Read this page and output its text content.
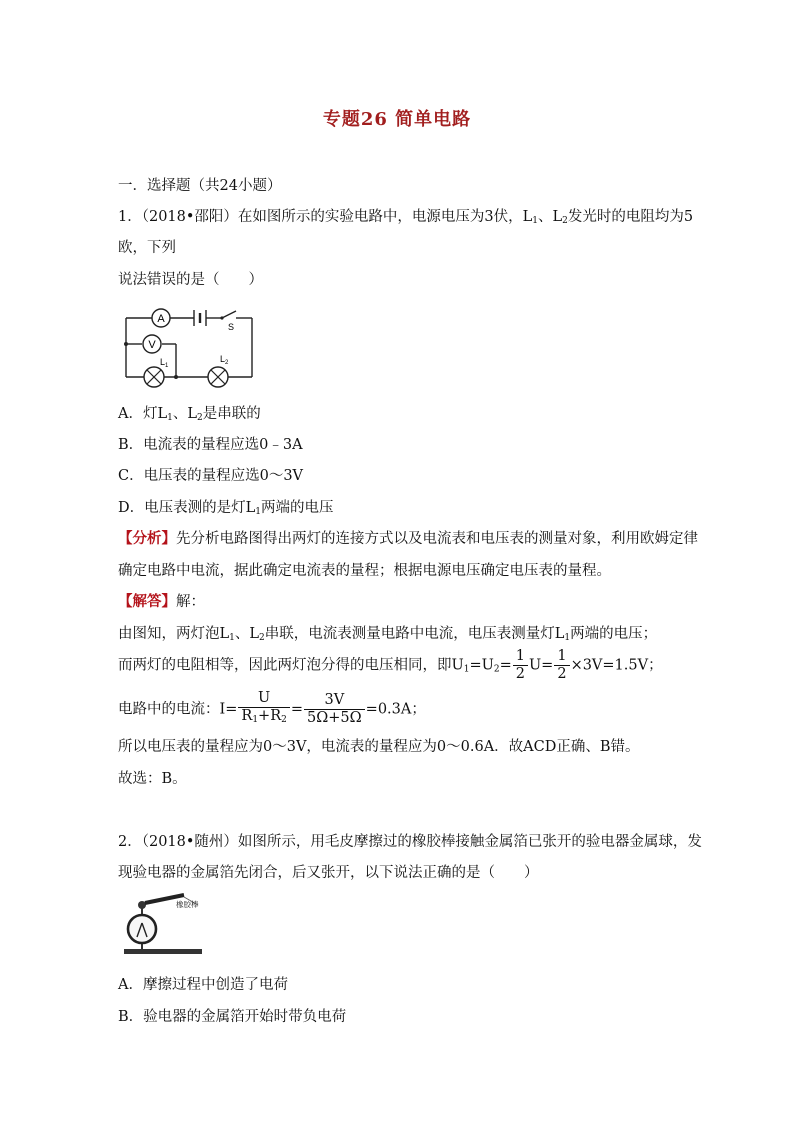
专题26 简单电路
一．选择题（共24小题）
1．（2018•邵阳）在如图所示的实验电路中，电源电压为3伏，$L_1$、$L_2$发光时的电阻均为5
欧，下列
说法错误的是（　　）
A
V
S
$L_1$
$L_2$
A．灯$L_1$、$L_2$是串联的
B．电流表的量程应选0﹣3A
C．电压表的量程应选0～3V
D．电压表测的是灯$L_1$两端的电压
【分析】先分析电路图得出两灯的连接方式以及电流表和电压表的测量对象，利用欧姆定律
确定电路中电流，据此确定电流表的量程；根据电源电压确定电压表的量程。
【解答】解：
由图知，两灯泡$L_1$、$L_2$串联，电流表测量电路中电流，电压表测量灯$L_1$两端的电压；
而两灯的电阻相等，因此两灯泡分得的电压相同，即$U_1=U_2= \frac{1}{2} U= \frac{1}{2} \times 3V=1.5V$；
电路中的电流：$I= \frac{U}{R_1+R_2} = \frac{3V}{5\Omega+5\Omega} =0.3A$；
所以电压表的量程应为0～3V，电流表的量程应为0～0.6A．故ACD正确、B错。
故选：B。
2．（2018•随州）如图所示，用毛皮摩擦过的橡胶棒接触金属箔已张开的验电器金属球，发
现验电器的金属箔先闭合，后又张开，以下说法正确的是（　　）
橡胶棒
A．摩擦过程中创造了电荷
B．验电器的金属箔开始时带负电荷
